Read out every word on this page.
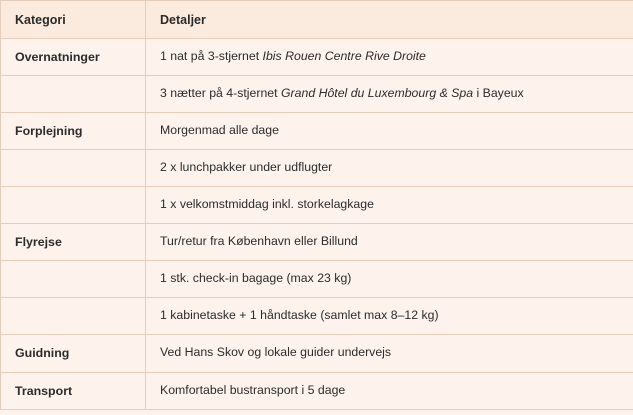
Kategori	Detaljer
Overnatninger	1 nat på 3-stjernet Ibis Rouen Centre Rive Droite
	3 nætter på 4-stjernet Grand Hôtel du Luxembourg & Spa i Bayeux
Forplejning	Morgenmad alle dage
	2 x lunchpakker under udflugter
	1 x velkomstmiddag inkl. storkelagkage
Flyrejse	Tur/retur fra København eller Billund
	1 stk. check-in bagage (max 23 kg)
	1 kabinetaske + 1 håndtaske (samlet max 8–12 kg)
Guidning	Ved Hans Skov og lokale guider undervejs
Transport	Komfortabel bustransport i 5 dage
